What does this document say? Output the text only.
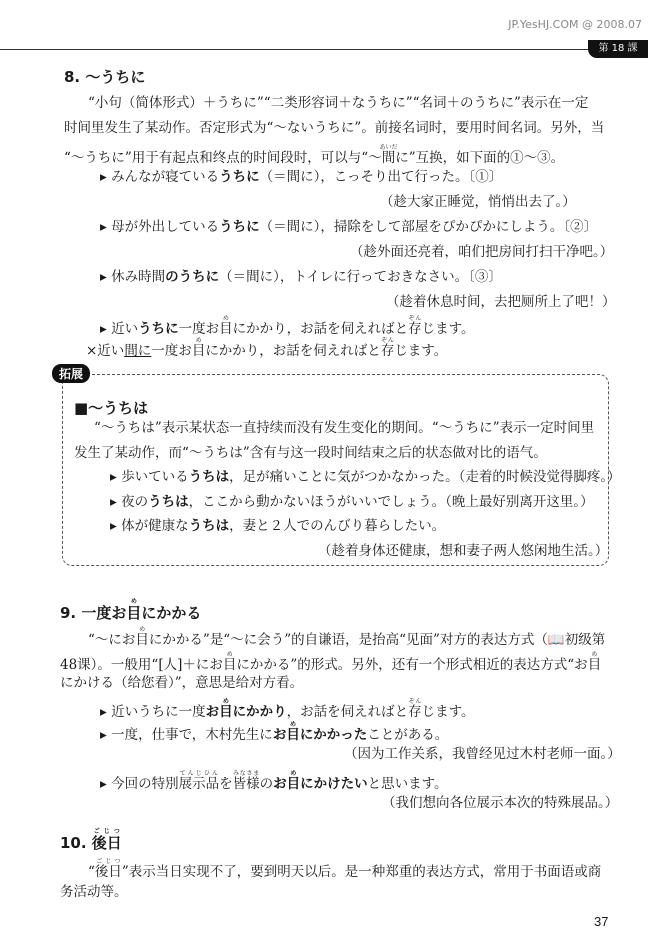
JP.YesHJ.COM @ 2008.07
第 18 課
拓展
8. ～うちに
“小句（简体形式）＋うちに”“二类形容词＋なうちに”“名词＋のうちに”表示在一定
时间里发生了某动作。否定形式为“～ないうちに”。前接名词时，要用时间名词。另外，当
“～うちに”用于有起点和终点的时间段时，可以与“～間あいだに”互换，如下面的①～③。
▸ みんなが寝ているうちに（＝間に），こっそり出て行った。〔①〕
（趁大家正睡觉，悄悄出去了。）
▸ 母が外出しているうちに（＝間に），掃除をして部屋をぴかぴかにしよう。〔②〕
（趁外面还亮着，咱们把房间打扫干净吧。）
▸ 休み時間のうちに（＝間に），トイレに行っておきなさい。〔③〕
（趁着休息时间，去把厕所上了吧！）
▸ 近いうちに一度お目めにかかり，お話を伺えればと存ぞんじます。
×近い間に一度お目めにかかり，お話を伺えればと存ぞんじます。
■～うちは
“～うちは”表示某状态一直持续而没有发生变化的期间。“～うちに”表示一定时间里
发生了某动作，而“～うちは”含有与这一段时间结束之后的状态做对比的语气。
▸ 歩いているうちは，足が痛いことに気がつかなかった。（走着的时候没觉得脚疼。）
▸ 夜のうちは，ここから動かないほうがいいでしょう。（晚上最好别离开这里。）
▸ 体が健康なうちは，妻と２人でのんびり暮らしたい。
（趁着身体还健康，想和妻子两人悠闲地生活。）
9. 一度お目めにかかる
“～にお目めにかかる”是“～に会う”的自谦语，是抬高“见面”对方的表达方式（📖初级第
48课）。一般用“[人]＋にお目めにかかる”的形式。另外，还有一个形式相近的表达方式“お目め
にかける（给您看）”，意思是给对方看。
▸ 近いうちに一度お目めにかかり，お話を伺えればと存ぞんじます。
▸ 一度，仕事で，木村先生にお目めにかかったことがある。
（因为工作关系，我曾经见过木村老师一面。）
▸ 今回の特別展示品てんじひんを皆様みなさまのお目めにかけたいと思います。
（我们想向各位展示本次的特殊展品。）
10. 後日ごじつ
“後日ごじつ”表示当日实现不了，要到明天以后。是一种郑重的表达方式，常用于书面语或商
务活动等。
37
